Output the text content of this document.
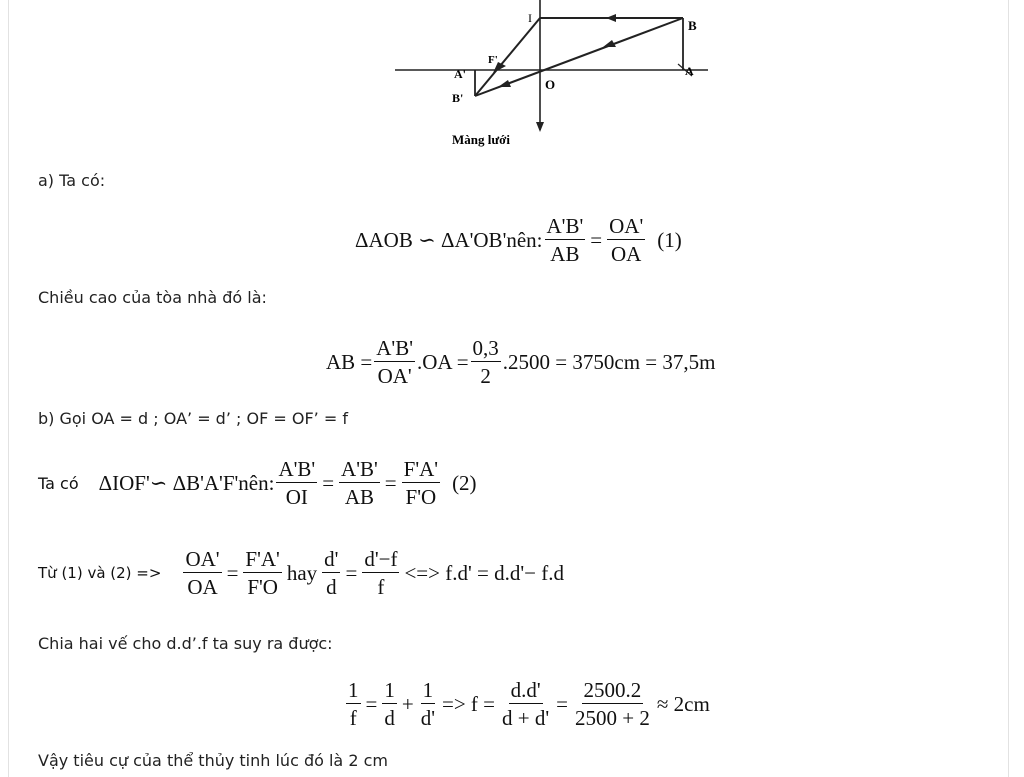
I	B
A
F'
A'
B'
O
Màng lưới
a) Ta có:
ΔAOB ∽ ΔA'OB'nên: $\frac{A'B'}{AB} = \frac{OA'}{OA} (1)$
Chiều cao của tòa nhà đó là:
AB = $\frac{A'B'}{OA'} .OA = \frac{0,3}{2} .2500 = 3750cm = 37,5m$
b) Gọi OA = d ; OA’ = d’ ; OF = OF’ = f
Ta có ΔIOF'∽ ΔB'A'F'nên: $\frac{A'B'}{OI} = \frac{A'B'}{AB} = \frac{F'A'}{F'O} (2)$
Từ (1) và $(2) => \frac{OA'}{OA} = \frac{F'A'}{F'O}$ hay $\frac{d'}{d} = \frac{d'-f}{f}$ <=> f.d' = d.d'− f.d
Chia hai vế cho d.d’.f ta suy ra được:
$\frac{1}{f} = \frac{1}{d} + \frac{1}{d'} => f = \frac{d.d'}{d + d'} = \frac{2500.2}{2500 + 2} \approx 2cm$
Vậy tiêu cự của thể thủy tinh lúc đó là 2 cm
